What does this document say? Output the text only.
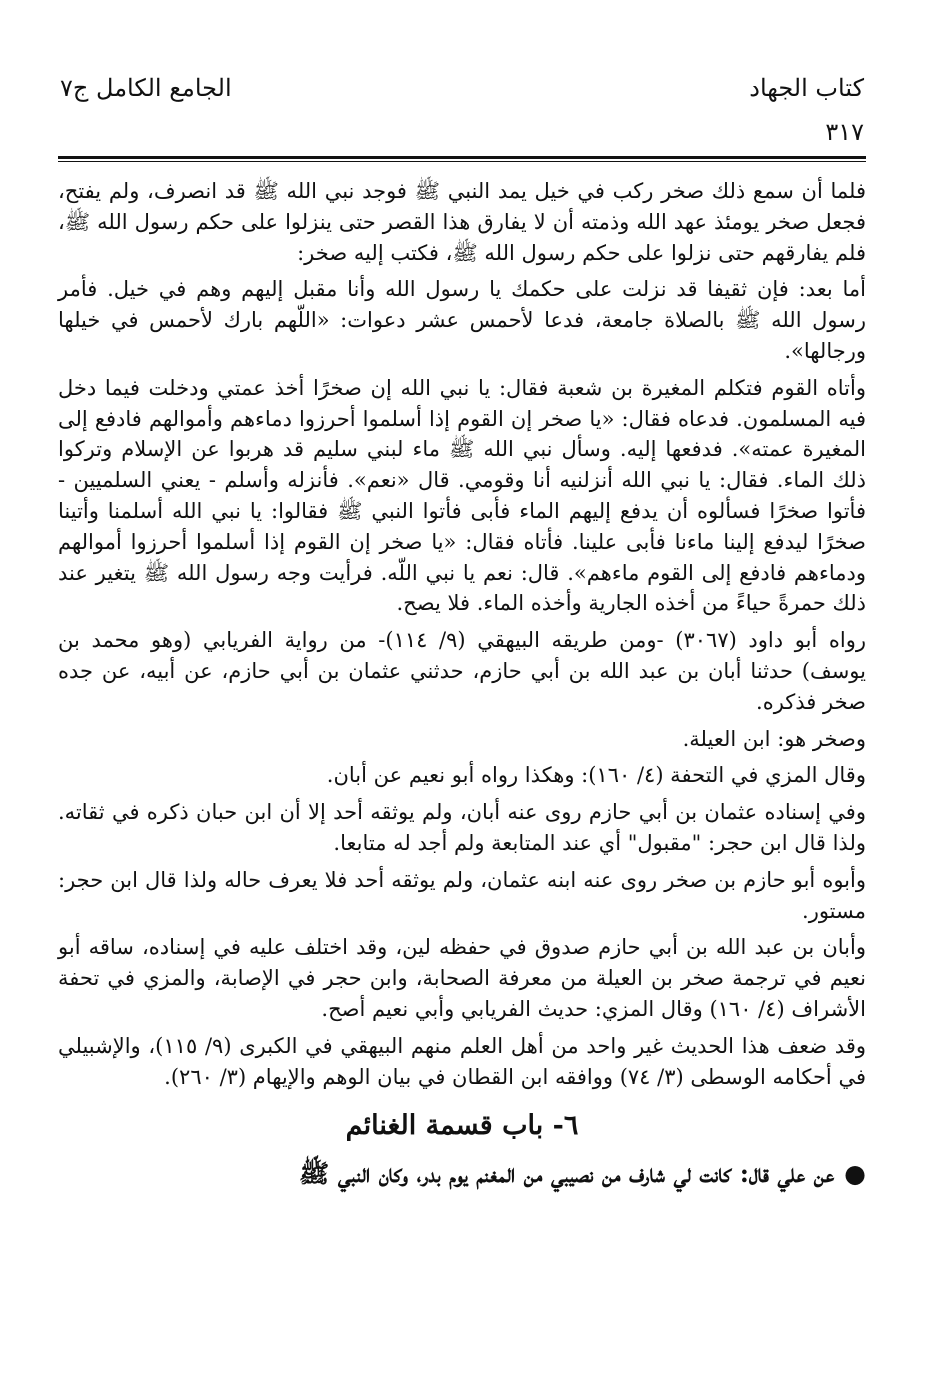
كتاب الجهاد
الجامع الكامل ج٧
٣١٧

فلما أن سمع ذلك صخر ركب في خيل يمد النبي ﷺ فوجد نبي الله ﷺ قد انصرف، ولم يفتح، فجعل صخر يومئذ عهد الله وذمته أن لا يفارق هذا القصر حتى ينزلوا على حكم رسول الله ﷺ، فلم يفارقهم حتى نزلوا على حكم رسول الله ﷺ، فكتب إليه صخر:

أما بعد: فإن ثقيفا قد نزلت على حكمك يا رسول الله وأنا مقبل إليهم وهم في خيل. فأمر رسول الله ﷺ بالصلاة جامعة، فدعا لأحمس عشر دعوات: «اللّهم بارك لأحمس في خيلها ورجالها».

وأتاه القوم فتكلم المغيرة بن شعبة فقال: يا نبي الله إن صخرًا أخذ عمتي ودخلت فيما دخل فيه المسلمون. فدعاه فقال: «يا صخر إن القوم إذا أسلموا أحرزوا دماءهم وأموالهم فادفع إلى المغيرة عمته». فدفعها إليه. وسأل نبي الله ﷺ ماء لبني سليم قد هربوا عن الإسلام وتركوا ذلك الماء. فقال: يا نبي الله أنزلنيه أنا وقومي. قال «نعم». فأنزله وأسلم - يعني السلميين - فأتوا صخرًا فسألوه أن يدفع إليهم الماء فأبى فأتوا النبي ﷺ فقالوا: يا نبي الله أسلمنا وأتينا صخرًا ليدفع إلينا ماءنا فأبى علينا. فأتاه فقال: «يا صخر إن القوم إذا أسلموا أحرزوا أموالهم ودماءهم فادفع إلى القوم ماءهم». قال: نعم يا نبي اللّه. فرأيت وجه رسول الله ﷺ يتغير عند ذلك حمرةً حياءً من أخذه الجارية وأخذه الماء. فلا يصح.

رواه أبو داود (٣٠٦٧) -ومن طريقه البيهقي (٩/ ١١٤)- من رواية الفريابي (وهو محمد بن يوسف) حدثنا أبان بن عبد الله بن أبي حازم، حدثني عثمان بن أبي حازم، عن أبيه، عن جده صخر فذكره.

وصخر هو: ابن العيلة.

وقال المزي في التحفة (٤/ ١٦٠): وهكذا رواه أبو نعيم عن أبان.

وفي إسناده عثمان بن أبي حازم روى عنه أبان، ولم يوثقه أحد إلا أن ابن حبان ذكره في ثقاته. ولذا قال ابن حجر: "مقبول" أي عند المتابعة ولم أجد له متابعا.

وأبوه أبو حازم بن صخر روى عنه ابنه عثمان، ولم يوثقه أحد فلا يعرف حاله ولذا قال ابن حجر: مستور.

وأبان بن عبد الله بن أبي حازم صدوق في حفظه لين، وقد اختلف عليه في إسناده، ساقه أبو نعيم في ترجمة صخر بن العيلة من معرفة الصحابة، وابن حجر في الإصابة، والمزي في تحفة الأشراف (٤/ ١٦٠) وقال المزي: حديث الفريابي وأبي نعيم أصح.

وقد ضعف هذا الحديث غير واحد من أهل العلم منهم البيهقي في الكبرى (٩/ ١١٥)، والإشبيلي في أحكامه الوسطى (٣/ ٧٤) ووافقه ابن القطان في بيان الوهم والإيهام (٣/ ٢٦٠).

٦- باب قسمة الغنائم
●عن علي قال: كانت لي شارف من نصيبي من المغنم يوم بدر، وكان النبي ﷺ
